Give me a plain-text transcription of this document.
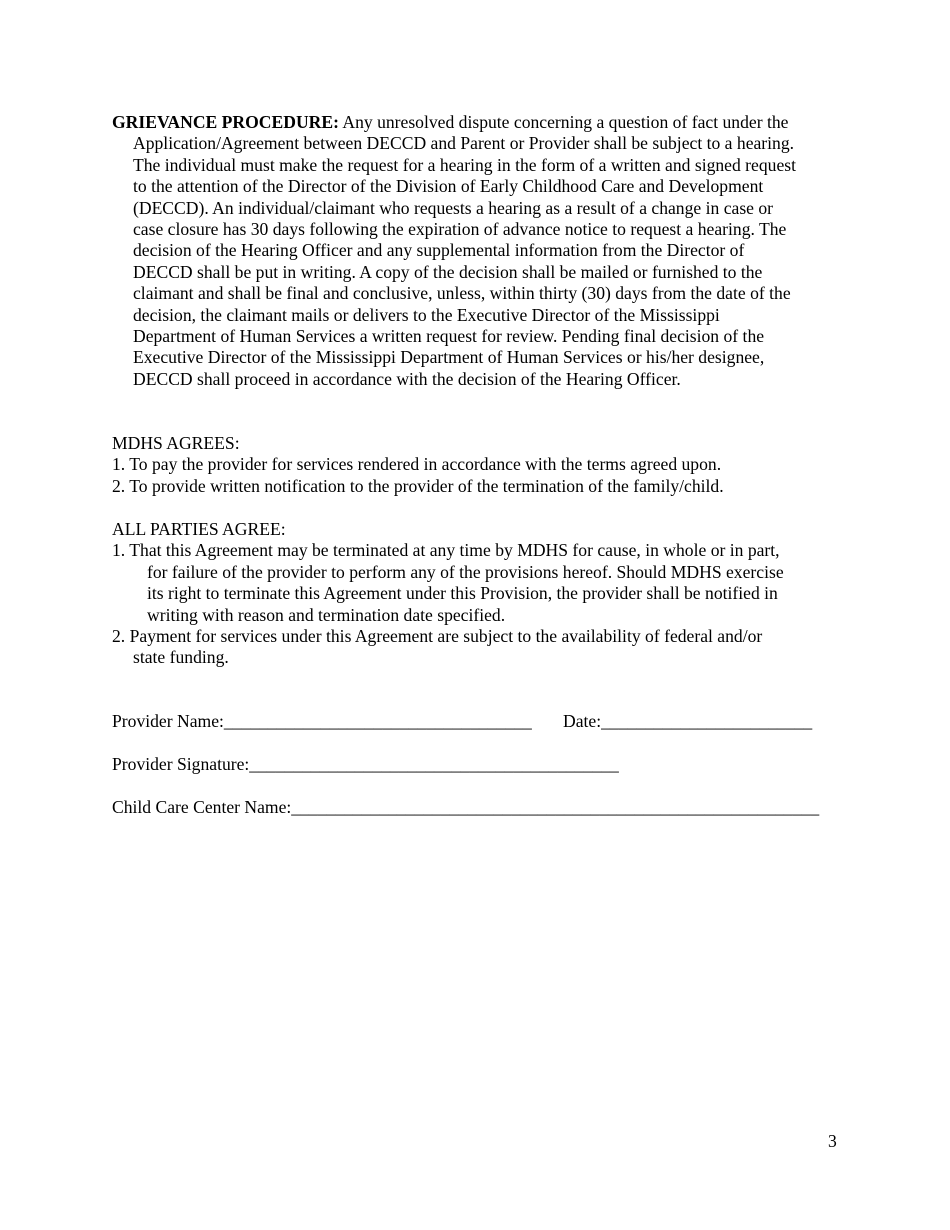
GRIEVANCE PROCEDURE: Any unresolved dispute concerning a question of fact under the
Application/Agreement between DECCD and Parent or Provider shall be subject to a hearing.
The individual must make the request for a hearing in the form of a written and signed request
to the attention of the Director of the Division of Early Childhood Care and Development
(DECCD). An individual/claimant who requests a hearing as a result of a change in case or
case closure has 30 days following the expiration of advance notice to request a hearing. The
decision of the Hearing Officer and any supplemental information from the Director of
DECCD shall be put in writing. A copy of the decision shall be mailed or furnished to the
claimant and shall be final and conclusive, unless, within thirty (30) days from the date of the
decision, the claimant mails or delivers to the Executive Director of the Mississippi
Department of Human Services a written request for review. Pending final decision of the
Executive Director of the Mississippi Department of Human Services or his/her designee,
DECCD shall proceed in accordance with the decision of the Hearing Officer.
MDHS AGREES:
1. To pay the provider for services rendered in accordance with the terms agreed upon.
2. To provide written notification to the provider of the termination of the family/child.
ALL PARTIES AGREE:
1. That this Agreement may be terminated at any time by MDHS for cause, in whole or in part,
for failure of the provider to perform any of the provisions hereof. Should MDHS exercise
its right to terminate this Agreement under this Provision, the provider shall be notified in
writing with reason and termination date specified.
2. Payment for services under this Agreement are subject to the availability of federal and/or
state funding.
Provider Name:___________________________________ Date:________________________
Provider Signature:__________________________________________
Child Care Center Name:____________________________________________________________
3
